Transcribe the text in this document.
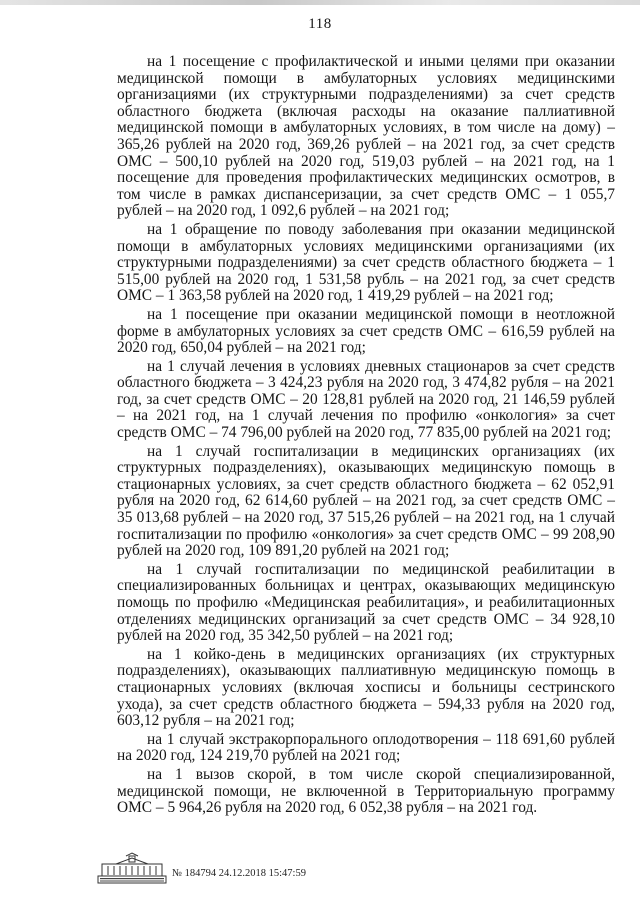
118

на 1 посещение с профилактической и иными целями при оказании медицинской помощи в амбулаторных условиях медицинскими организациями (их структурными подразделениями) за счет средств областного бюджета (включая расходы на оказание паллиативной медицинской помощи в амбулаторных условиях, в том числе на дому) – 365,26 рублей на 2020 год, 369,26 рублей – на 2021 год, за счет средств ОМС – 500,10 рублей на 2020 год, 519,03 рублей – на 2021 год, на 1 посещение для проведения профилактических медицинских осмотров, в том числе в рамках диспансеризации, за счет средств ОМС – 1 055,7 рублей – на 2020 год, 1 092,6 рублей – на 2021 год;

на 1 обращение по поводу заболевания при оказании медицинской помощи в амбулаторных условиях медицинскими организациями (их структурными подразделениями) за счет средств областного бюджета – 1 515,00 рублей на 2020 год, 1 531,58 рубль – на 2021 год, за счет средств ОМС – 1 363,58 рублей на 2020 год, 1 419,29 рублей – на 2021 год;

на 1 посещение при оказании медицинской помощи в неотложной форме в амбулаторных условиях за счет средств ОМС – 616,59 рублей на 2020 год, 650,04 рублей – на 2021 год;

на 1 случай лечения в условиях дневных стационаров за счет средств областного бюджета – 3 424,23 рубля на 2020 год, 3 474,82 рубля – на 2021 год, за счет средств ОМС – 20 128,81 рублей на 2020 год, 21 146,59 рублей – на 2021 год, на 1 случай лечения по профилю «онкология» за счет средств ОМС – 74 796,00 рублей на 2020 год, 77 835,00 рублей на 2021 год;

на 1 случай госпитализации в медицинских организациях (их структурных подразделениях), оказывающих медицинскую помощь в стационарных условиях, за счет средств областного бюджета – 62 052,91 рубля на 2020 год, 62 614,60 рублей – на 2021 год, за счет средств ОМС – 35 013,68 рублей – на 2020 год, 37 515,26 рублей – на 2021 год, на 1 случай госпитализации по профилю «онкология» за счет средств ОМС – 99 208,90 рублей на 2020 год, 109 891,20 рублей на 2021 год;

на 1 случай госпитализации по медицинской реабилитации в специализированных больницах и центрах, оказывающих медицинскую помощь по профилю «Медицинская реабилитация», и реабилитационных отделениях медицинских организаций за счет средств ОМС – 34 928,10 рублей на 2020 год, 35 342,50 рублей – на 2021 год;

на 1 койко-день в медицинских организациях (их структурных подразделениях), оказывающих паллиативную медицинскую помощь в стационарных условиях (включая хосписы и больницы сестринского ухода), за счет средств областного бюджета – 594,33 рубля на 2020 год, 603,12 рубля – на 2021 год;

на 1 случай экстракорпорального оплодотворения – 118 691,60 рублей на 2020 год, 124 219,70 рублей на 2021 год;

на 1 вызов скорой, в том числе скорой специализированной, медицинской помощи, не включенной в Территориальную программу ОМС – 5 964,26 рубля на 2020 год, 6 052,38 рубля – на 2021 год.

№ 184794 24.12.2018 15:47:59
